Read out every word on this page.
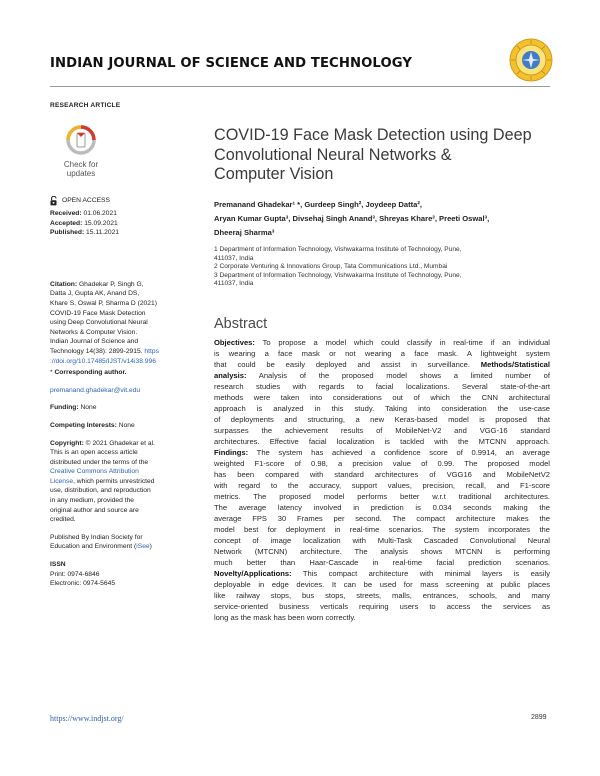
INDIAN JOURNAL OF SCIENCE AND TECHNOLOGY
RESEARCH ARTICLE
Check for
updates
OPEN ACCESS
Received: 01.06.2021
Accepted: 15.09.2021
Published: 15.11.2021
Citation: Ghadekar P, Singh G,
Datta J, Gupta AK, Anand DS,
Khare S, Oswal P, Sharma D (2021)
COVID-19 Face Mask Detection
using Deep Convolutional Neural
Networks & Computer Vision.
Indian Journal of Science and
Technology 14(38): 2899-2915. https
://doi.org/10.17485/IJST/v14i38.996
* Corresponding author.
premanand.ghadekar@vit.edu
Funding: None
Competing Interests: None
Copyright: © 2021 Ghadekar et al.
This is an open access article
distributed under the terms of the
Creative Commons Attribution
License, which permits unrestricted
use, distribution, and reproduction
in any medium, provided the
original author and source are
credited.
Published By Indian Society for
Education and Environment (iSee)
ISSN
Print: 0974-6846
Electronic: 0974-5645
COVID-19 Face Mask Detection using Deep
Convolutional Neural Networks &
Computer Vision
Premanand Ghadekar¹ *, Gurdeep Singh², Joydeep Datta²,
Aryan Kumar Gupta³, Divsehaj Singh Anand³, Shreyas Khare³, Preeti Oswal³,
Dheeraj Sharma³
1 Department of Information Technology, Vishwakarma Institute of Technology, Pune,
411037, India
2 Corporate Venturing & Innovations Group, Tata Communications Ltd., Mumbai
3 Department of Information Technology, Vishwakarma Institute of Technology, Pune,
411037, India
Abstract
Objectives: To propose a model which could classify in real-time if an individual
is wearing a face mask or not wearing a face mask. A lightweight system
that could be easily deployed and assist in surveillance. Methods/Statistical
analysis: Analysis of the proposed model shows a limited number of
research studies with regards to facial localizations. Several state-of-the-art
methods were taken into considerations out of which the CNN architectural
approach is analyzed in this study. Taking into consideration the use-case
of deployments and structuring, a new Keras-based model is proposed that
surpasses the achievement results of MobileNet-V2 and VGG-16 standard
architectures. Effective facial localization is tackled with the MTCNN approach.
Findings: The system has achieved a confidence score of 0.9914, an average
weighted F1-score of 0.98, a precision value of 0.99. The proposed model
has been compared with standard architectures of VGG16 and MobileNetV2
with regard to the accuracy, support values, precision, recall, and F1-score
metrics. The proposed model performs better w.r.t traditional architectures.
The average latency involved in prediction is 0.034 seconds making the
average FPS 30 Frames per second. The compact architecture makes the
model best for deployment in real-time scenarios. The system incorporates the
concept of image localization with Multi-Task Cascaded Convolutional Neural
Network (MTCNN) architecture. The analysis shows MTCNN is performing
much better than Haar-Cascade in real-time facial prediction scenarios.
Novelty/Applications: This compact architecture with minimal layers is easily
deployable in edge devices. It can be used for mass screening at public places
like railway stops, bus stops, streets, malls, entrances, schools, and many
service-oriented business verticals requiring users to access the services as
long as the mask has been worn correctly.
https://www.indjst.org/	2899
